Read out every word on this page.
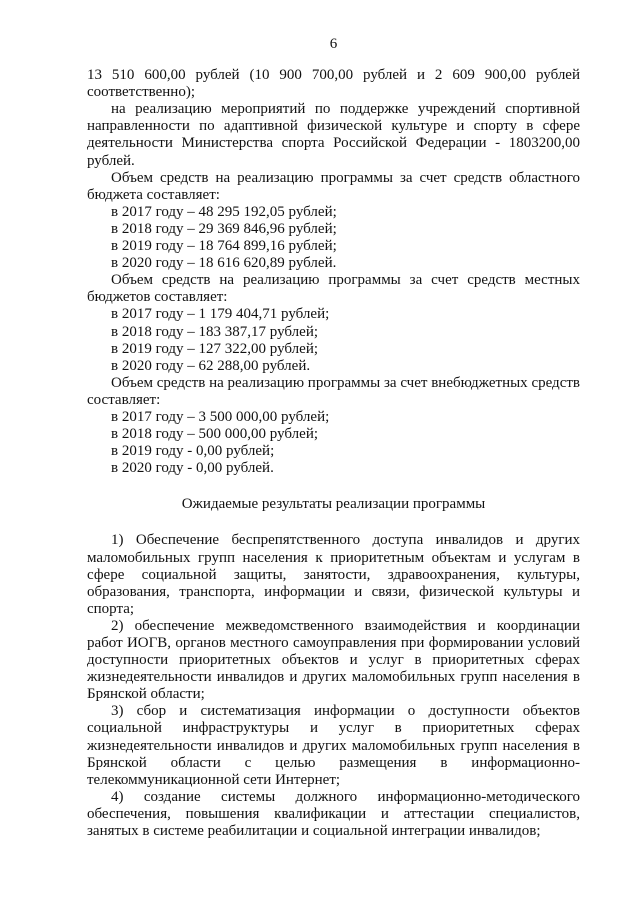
6

13 510 600,00 рублей (10 900 700,00 рублей и 2 609 900,00 рублей соответственно);

на реализацию мероприятий по поддержке учреждений спортивной направленности по адаптивной физической культуре и спорту в сфере деятельности Министерства спорта Российской Федерации - 1803200,00 рублей.

Объем средств на реализацию программы за счет средств областного бюджета составляет:

в 2017 году – 48 295 192,05 рублей;

в 2018 году – 29 369 846,96 рублей;

в 2019 году – 18 764 899,16 рублей;

в 2020 году – 18 616 620,89 рублей.

Объем средств на реализацию программы за счет средств местных бюджетов составляет:

в 2017 году – 1 179 404,71 рублей;

в 2018 году – 183 387,17 рублей;

в 2019 году – 127 322,00 рублей;

в 2020 году – 62 288,00 рублей.

Объем средств на реализацию программы за счет внебюджетных средств составляет:

в 2017 году – 3 500 000,00 рублей;

в 2018 году – 500 000,00 рублей;

в 2019 году - 0,00 рублей;

в 2020 году - 0,00 рублей.

Ожидаемые результаты реализации программы

1) Обеспечение беспрепятственного доступа инвалидов и других маломобильных групп населения к приоритетным объектам и услугам в сфере социальной защиты, занятости, здравоохранения, культуры, образования, транспорта, информации и связи, физической культуры и спорта;

2) обеспечение межведомственного взаимодействия и координации работ ИОГВ, органов местного самоуправления при формировании условий доступности приоритетных объектов и услуг в приоритетных сферах жизнедеятельности инвалидов и других маломобильных групп населения в Брянской области;

3) сбор и систематизация информации о доступности объектов социальной инфраструктуры и услуг в приоритетных сферах жизнедеятельности инвалидов и других маломобильных групп населения в Брянской области с целью размещения в информационно-телекоммуникационной сети Интернет;

4) создание системы должного информационно-методического обеспечения, повышения квалификации и аттестации специалистов, занятых в системе реабилитации и социальной интеграции инвалидов;
